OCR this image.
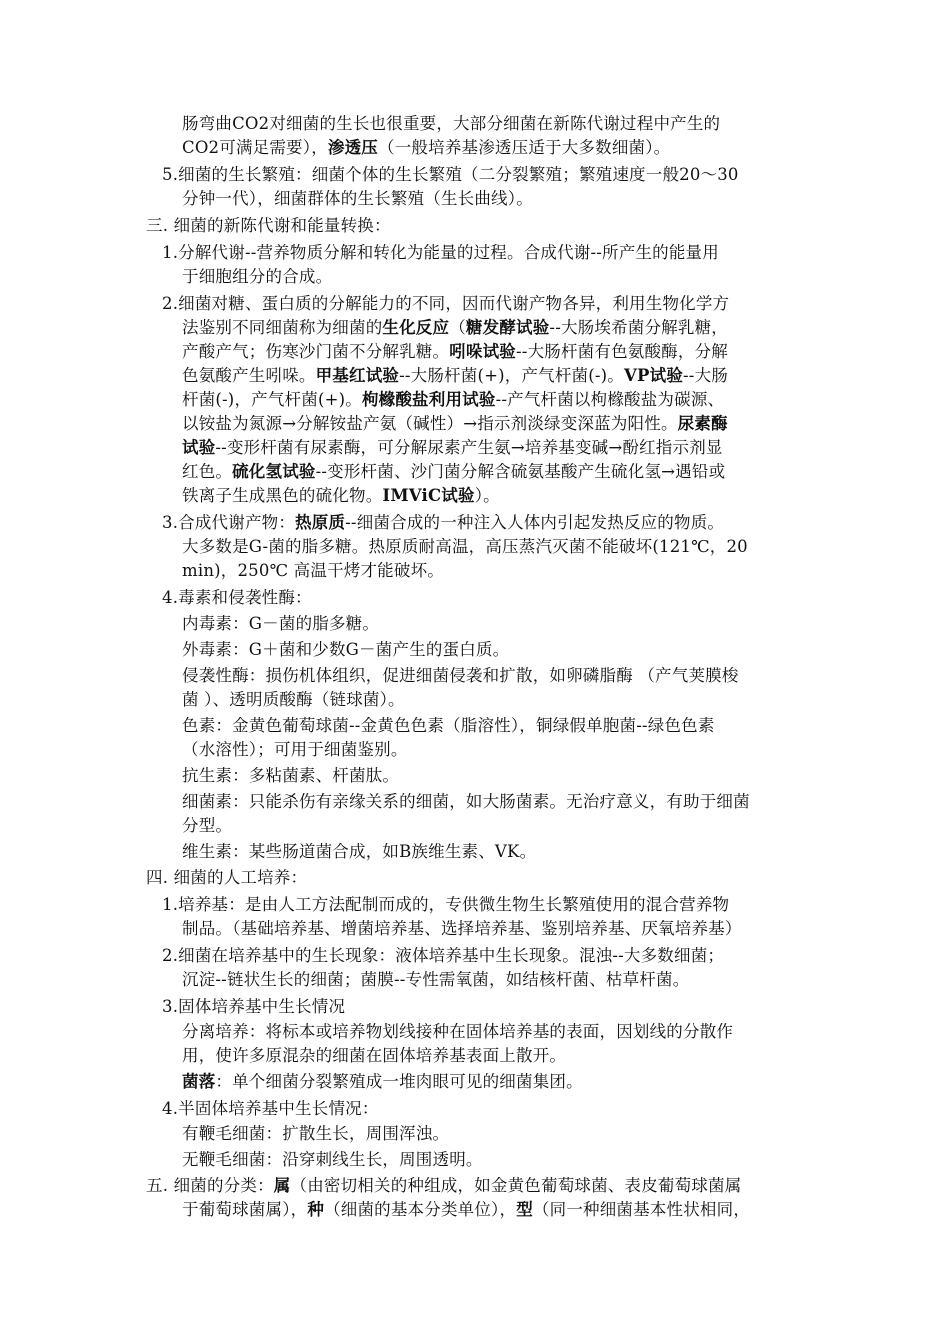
肠弯曲CO2对细菌的生长也很重要，大部分细菌在新陈代谢过程中产生的
CO2可满足需要），渗透压（一般培养基渗透压适于大多数细菌）。
5.细菌的生长繁殖：细菌个体的生长繁殖（二分裂繁殖；繁殖速度一般20～30
分钟一代），细菌群体的生长繁殖（生长曲线）。
三. 细菌的新陈代谢和能量转换：
1.分解代谢--营养物质分解和转化为能量的过程。合成代谢--所产生的能量用
于细胞组分的合成。
2.细菌对糖、蛋白质的分解能力的不同，因而代谢产物各异，利用生物化学方
法鉴别不同细菌称为细菌的生化反应（糖发酵试验--大肠埃希菌分解乳糖，
产酸产气；伤寒沙门菌不分解乳糖。吲哚试验--大肠杆菌有色氨酸酶，分解
色氨酸产生吲哚。甲基红试验--大肠杆菌(+)，产气杆菌(-)。VP试验--大肠
杆菌(-)，产气杆菌(+)。枸橼酸盐利用试验--产气杆菌以枸橼酸盐为碳源、
以铵盐为氮源→分解铵盐产氨（碱性）→指示剂淡绿变深蓝为阳性。尿素酶
试验--变形杆菌有尿素酶，可分解尿素产生氨→培养基变碱→酚红指示剂显
红色。硫化氢试验--变形杆菌、沙门菌分解含硫氨基酸产生硫化氢→遇铅或
铁离子生成黑色的硫化物。IMViC试验）。
3.合成代谢产物：热原质--细菌合成的一种注入人体内引起发热反应的物质。
大多数是G-菌的脂多糖。热原质耐高温，高压蒸汽灭菌不能破坏(121℃，20
min)，250℃ 高温干烤才能破坏。
4.毒素和侵袭性酶：
内毒素：G－菌的脂多糖。
外毒素：G＋菌和少数G－菌产生的蛋白质。
侵袭性酶：损伤机体组织，促进细菌侵袭和扩散，如卵磷脂酶 （产气荚膜梭
菌 ）、透明质酸酶（链球菌）。
色素：金黄色葡萄球菌--金黄色色素（脂溶性），铜绿假单胞菌--绿色色素
（水溶性）；可用于细菌鉴别。
抗生素：多粘菌素、杆菌肽。
细菌素：只能杀伤有亲缘关系的细菌，如大肠菌素。无治疗意义，有助于细菌
分型。
维生素：某些肠道菌合成，如B族维生素、VK。
四. 细菌的人工培养：
1.培养基：是由人工方法配制而成的，专供微生物生长繁殖使用的混合营养物
制品。（基础培养基、增菌培养基、选择培养基、鉴别培养基、厌氧培养基）
2.细菌在培养基中的生长现象：液体培养基中生长现象。混浊--大多数细菌；
沉淀--链状生长的细菌；菌膜--专性需氧菌，如结核杆菌、枯草杆菌。
3.固体培养基中生长情况
分离培养：将标本或培养物划线接种在固体培养基的表面，因划线的分散作
用，使许多原混杂的细菌在固体培养基表面上散开。
菌落：单个细菌分裂繁殖成一堆肉眼可见的细菌集团。
4.半固体培养基中生长情况：
有鞭毛细菌：扩散生长，周围浑浊。
无鞭毛细菌：沿穿刺线生长，周围透明。
五. 细菌的分类：属（由密切相关的种组成，如金黄色葡萄球菌、表皮葡萄球菌属
于葡萄球菌属），种（细菌的基本分类单位），型（同一种细菌基本性状相同，
